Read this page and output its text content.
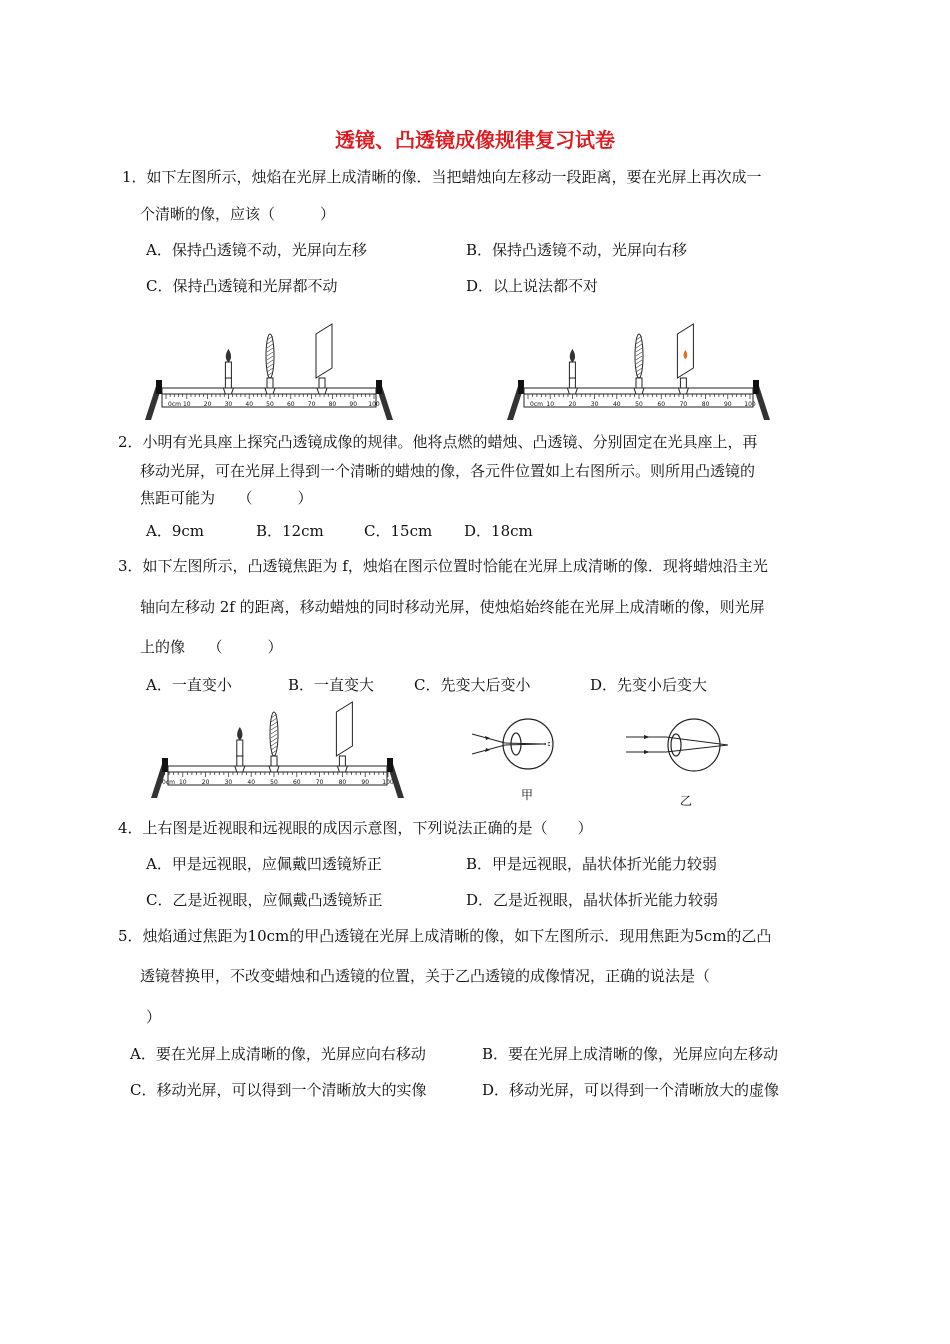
透镜、凸透镜成像规律复习试卷
1．如下左图所示，烛焰在光屏上成清晰的像．当把蜡烛向左移动一段距离，要在光屏上再次成一
个清晰的像，应该（　　　）
A．保持凸透镜不动，光屏向左移	B．保持凸透镜不动，光屏向右移
C．保持凸透镜和光屏都不动	D．以上说法都不对
10 20 30 40 50 60 70 80 90 100
0cm	10 20 30 40 50 60 70 80 90 100
0cm
2．小明有光具座上探究凸透镜成像的规律。他将点燃的蜡烛、凸透镜、分别固定在光具座上，再
移动光屏，可在光屏上得到一个清晰的蜡烛的像，各元件位置如上右图所示。则所用凸透镜的
焦距可能为　　（　　　）
A．9cm	B．12cm	C．15cm D．18cm
3．如下左图所示，凸透镜焦距为 f，烛焰在图示位置时恰能在光屏上成清晰的像．现将蜡烛沿主光
轴向左移动 2f 的距离，移动蜡烛的同时移动光屏，使烛焰始终能在光屏上成清晰的像，则光屏
上的像　　（　　　）
A．一直变小	B．一直变大	C．先变大后变小	D．先变小后变大
10	20	30	40	50	60	70	80	90 100
0cm
甲	乙
4．上右图是近视眼和远视眼的成因示意图，下列说法正确的是（　　）
A．甲是远视眼，应佩戴凹透镜矫正	B．甲是远视眼，晶状体折光能力较弱
C．乙是近视眼，应佩戴凸透镜矫正	D．乙是近视眼，晶状体折光能力较弱
5．烛焰通过焦距为10cm的甲凸透镜在光屏上成清晰的像，如下左图所示．现用焦距为5cm的乙凸
透镜替换甲，不改变蜡烛和凸透镜的位置，关于乙凸透镜的成像情况，正确的说法是（
）
A．要在光屏上成清晰的像，光屏应向右移动	B．要在光屏上成清晰的像，光屏应向左移动
C．移动光屏，可以得到一个清晰放大的实像	D．移动光屏，可以得到一个清晰放大的虚像
